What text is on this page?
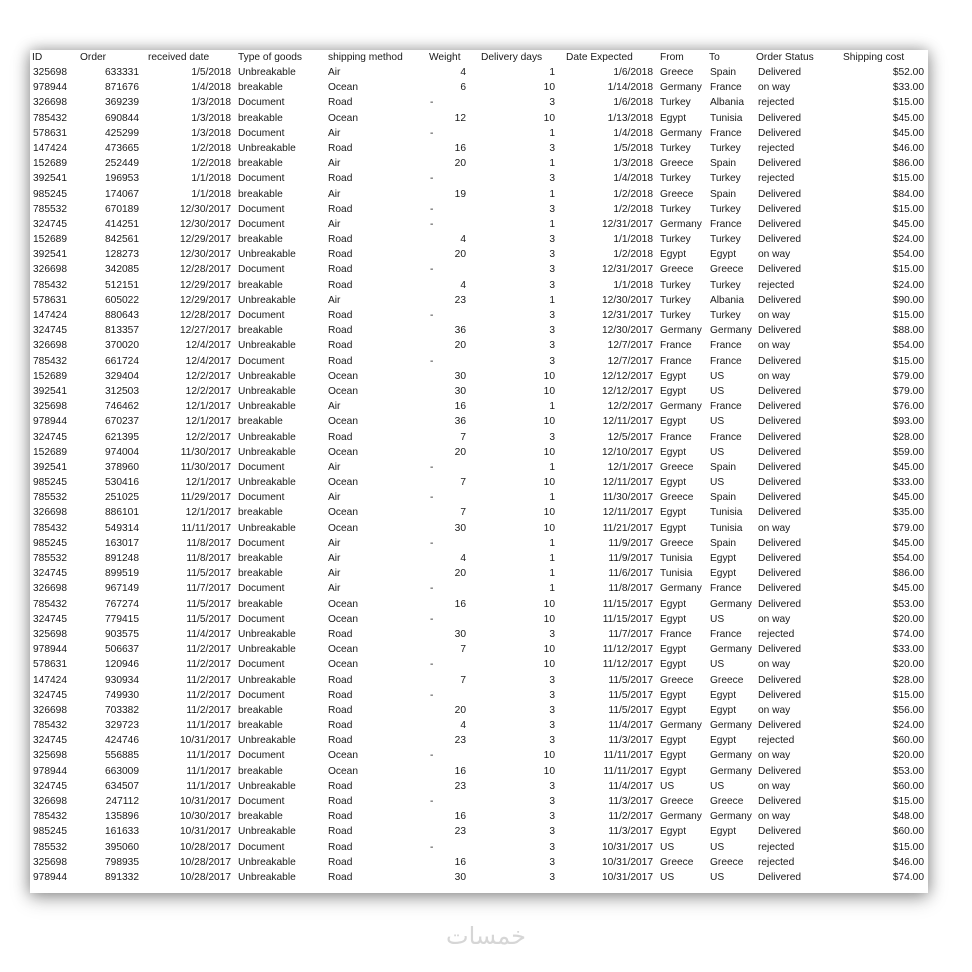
ID	Order	received date	Type of goods	shipping method	Weight	Delivery days	Date Expected	From	To	Order Status	Shipping cost
325698	633331	1/5/2018	Unbreakable	Air	4	1	1/6/2018	Greece	Spain	Delivered	$52.00
978944	871676	1/4/2018	breakable	Ocean	6	10	1/14/2018	Germany	France	on way	$33.00
326698	369239	1/3/2018	Document	Road	-	3	1/6/2018	Turkey	Albania	rejected	$15.00
785432	690844	1/3/2018	breakable	Ocean	12	10	1/13/2018	Egypt	Tunisia	Delivered	$45.00
578631	425299	1/3/2018	Document	Air	-	1	1/4/2018	Germany	France	Delivered	$45.00
147424	473665	1/2/2018	Unbreakable	Road	16	3	1/5/2018	Turkey	Turkey	rejected	$46.00
152689	252449	1/2/2018	breakable	Air	20	1	1/3/2018	Greece	Spain	Delivered	$86.00
392541	196953	1/1/2018	Document	Road	-	3	1/4/2018	Turkey	Turkey	rejected	$15.00
985245	174067	1/1/2018	breakable	Air	19	1	1/2/2018	Greece	Spain	Delivered	$84.00
785532	670189	12/30/2017	Document	Road	-	3	1/2/2018	Turkey	Turkey	Delivered	$15.00
324745	414251	12/30/2017	Document	Air	-	1	12/31/2017	Germany	France	Delivered	$45.00
152689	842561	12/29/2017	breakable	Road	4	3	1/1/2018	Turkey	Turkey	Delivered	$24.00
392541	128273	12/30/2017	Unbreakable	Road	20	3	1/2/2018	Egypt	Egypt	on way	$54.00
326698	342085	12/28/2017	Document	Road	-	3	12/31/2017	Greece	Greece	Delivered	$15.00
785432	512151	12/29/2017	breakable	Road	4	3	1/1/2018	Turkey	Turkey	rejected	$24.00
578631	605022	12/29/2017	Unbreakable	Air	23	1	12/30/2017	Turkey	Albania	Delivered	$90.00
147424	880643	12/28/2017	Document	Road	-	3	12/31/2017	Turkey	Turkey	on way	$15.00
324745	813357	12/27/2017	breakable	Road	36	3	12/30/2017	Germany	Germany	Delivered	$88.00
326698	370020	12/4/2017	Unbreakable	Road	20	3	12/7/2017	France	France	on way	$54.00
785432	661724	12/4/2017	Document	Road	-	3	12/7/2017	France	France	Delivered	$15.00
152689	329404	12/2/2017	Unbreakable	Ocean	30	10	12/12/2017	Egypt	US	on way	$79.00
392541	312503	12/2/2017	Unbreakable	Ocean	30	10	12/12/2017	Egypt	US	Delivered	$79.00
325698	746462	12/1/2017	Unbreakable	Air	16	1	12/2/2017	Germany	France	Delivered	$76.00
978944	670237	12/1/2017	breakable	Ocean	36	10	12/11/2017	Egypt	US	Delivered	$93.00
324745	621395	12/2/2017	Unbreakable	Road	7	3	12/5/2017	France	France	Delivered	$28.00
152689	974004	11/30/2017	Unbreakable	Ocean	20	10	12/10/2017	Egypt	US	Delivered	$59.00
392541	378960	11/30/2017	Document	Air	-	1	12/1/2017	Greece	Spain	Delivered	$45.00
985245	530416	12/1/2017	Unbreakable	Ocean	7	10	12/11/2017	Egypt	US	Delivered	$33.00
785532	251025	11/29/2017	Document	Air	-	1	11/30/2017	Greece	Spain	Delivered	$45.00
326698	886101	12/1/2017	breakable	Ocean	7	10	12/11/2017	Egypt	Tunisia	Delivered	$35.00
785432	549314	11/11/2017	Unbreakable	Ocean	30	10	11/21/2017	Egypt	Tunisia	on way	$79.00
985245	163017	11/8/2017	Document	Air	-	1	11/9/2017	Greece	Spain	Delivered	$45.00
785532	891248	11/8/2017	breakable	Air	4	1	11/9/2017	Tunisia	Egypt	Delivered	$54.00
324745	899519	11/5/2017	breakable	Air	20	1	11/6/2017	Tunisia	Egypt	Delivered	$86.00
326698	967149	11/7/2017	Document	Air	-	1	11/8/2017	Germany	France	Delivered	$45.00
785432	767274	11/5/2017	breakable	Ocean	16	10	11/15/2017	Egypt	Germany	Delivered	$53.00
324745	779415	11/5/2017	Document	Ocean	-	10	11/15/2017	Egypt	US	on way	$20.00
325698	903575	11/4/2017	Unbreakable	Road	30	3	11/7/2017	France	France	rejected	$74.00
978944	506637	11/2/2017	Unbreakable	Ocean	7	10	11/12/2017	Egypt	Germany	Delivered	$33.00
578631	120946	11/2/2017	Document	Ocean	-	10	11/12/2017	Egypt	US	on way	$20.00
147424	930934	11/2/2017	Unbreakable	Road	7	3	11/5/2017	Greece	Greece	Delivered	$28.00
324745	749930	11/2/2017	Document	Road	-	3	11/5/2017	Egypt	Egypt	Delivered	$15.00
326698	703382	11/2/2017	breakable	Road	20	3	11/5/2017	Egypt	Egypt	on way	$56.00
785432	329723	11/1/2017	breakable	Road	4	3	11/4/2017	Germany	Germany	Delivered	$24.00
324745	424746	10/31/2017	Unbreakable	Road	23	3	11/3/2017	Egypt	Egypt	rejected	$60.00
325698	556885	11/1/2017	Document	Ocean	-	10	11/11/2017	Egypt	Germany	on way	$20.00
978944	663009	11/1/2017	breakable	Ocean	16	10	11/11/2017	Egypt	Germany	Delivered	$53.00
324745	634507	11/1/2017	Unbreakable	Road	23	3	11/4/2017	US	US	on way	$60.00
326698	247112	10/31/2017	Document	Road	-	3	11/3/2017	Greece	Greece	Delivered	$15.00
785432	135896	10/30/2017	breakable	Road	16	3	11/2/2017	Germany	Germany	on way	$48.00
985245	161633	10/31/2017	Unbreakable	Road	23	3	11/3/2017	Egypt	Egypt	Delivered	$60.00
785532	395060	10/28/2017	Document	Road	-	3	10/31/2017	US	US	rejected	$15.00
325698	798935	10/28/2017	Unbreakable	Road	16	3	10/31/2017	Greece	Greece	rejected	$46.00
978944	891332	10/28/2017	Unbreakable	Road	30	3	10/31/2017	US	US	Delivered	$74.00
خمسات
